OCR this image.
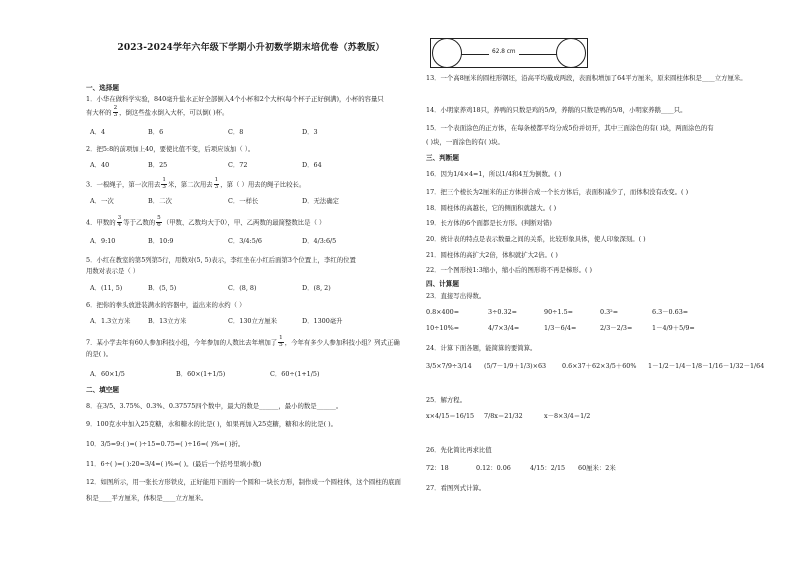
2023-2024学年六年级下学期小升初数学期末培优卷（苏教版）
一、选择题
1．小华在做科学实验，840毫升盐水正好全部倒入4个小杯和2个大杯(每个杯子正好倒满)，小杯的容量只
有大杯的 $\frac{2}{3}$ ，倒这些盐水倒入大杯，可以倒( )杯。
A．4	B．6	C．8	D．3
2．把5:8的前项加上40，要使比值不变，后项应该加（ ）。
A．40	B．25	C．72	D．64
3．一根绳子，第一次用去 $\frac{1}{3}$ 米，第二次用去 $\frac{1}{3}$ ，第（ ）用去的绳子比较长。
A．一次	B．二次	C．一样长	D．无法确定
4．甲数的 $\frac{3}{4}$ 等于乙数的 $\frac{5}{6}$ （甲数、乙数均大于0），甲、乙两数的最简整数比是（ ）
A．9:10	B．10:9	C．3/4:5/6	D．4/3:6/5
5．小红在教室的第5列第5行，用数对(5, 5)表示，李红坐在小红后面第3个位置上，李红的位置
用数对表示是（ ）
A．(11, 5)	B．(5, 5)	C．(8, 8)	D．(8, 2)
6．把你的拳头放进装满水的容器中，溢出来的水约（ ）
A．1.3立方米	B．13立方米	C．130立方厘米	D．1300毫升
7．某小学去年有60人参加科技小组，今年参加的人数比去年增加了 $\frac{1}{5}$ ，今年有多少人参加科技小组？列式正确
的是( )。
A．60×1/5	B．60×(1+1/5)	C．60÷(1+1/5)
二、填空题
8．在3/5、3.75%、0.3%、0.37575四个数中，最大的数是______，最小的数是______。
9．100克水中加入25克糖，水和糖水的比是( )，如果再加入25克糖，糖和水的比是( )。
10．3/5=9:( )=( )÷15=0.75=( )÷16=( )%=( )折。
11．6÷( )=( ):20=3/4=( )%=( )。(最后一个括号里填小数)
12．如图所示，用一张长方形铁皮，正好能用下面的一个圆和一块长方形，制作成一个圆柱体，这个圆柱的底面
积是____平方厘米，体积是____立方厘米。
62.8 cm
13．一个高8厘米的圆柱形钢坯，沿高平均截成两段，表面积增加了64平方厘米，原来圆柱体积是____立方厘米。
14．小明家养鸡18只，养鸭的只数是鸡的5/9，养鹅的只数是鸭的5/8，小明家养鹅____只。
15．一个表面涂色的正方体，在每条棱都平均分成5份并切开，其中三面涂色的有( )块，两面涂色的有
( )块，一面涂色的有( )块。
三、判断题
16．因为1/4×4=1，所以1/4和4互为倒数。( )
17．把三个棱长为2厘米的正方体拼合成一个长方体后，表面积减少了，而体积没有改变。( )
18．圆柱体的高越长，它的侧面积就越大。( )
19．长方体的6个面都是长方形。(判断对错)
20．统计表的特点是表示数量之间的关系，比较形象具体，使人印象深刻。( )
21．圆柱体的高扩大2倍，体积就扩大2倍。( )
22．一个图形按1:3缩小，缩小后的图形将不再是梯形。( )
四、计算题
23．直接写出得数。
0.8×400=	3÷0.32=	90÷1.5=	0.3²=	6.3－0.63=
10÷10%=	4/7×3/4=	1/3－6/4=	2/3－2/3=	1－4/9＋5/9=
24．计算下面各题，能简算的要简算。
3/5×7/9÷3/14 (5/7－1/9＋1/3)×63 0.6×37＋62×3/5＋60% 1－1/2－1/4－1/8－1/16－1/32－1/64
25．解方程。
x×4/15＝16/15 7/8x＝21/32	x－8×3/4＝1/2
26．先化简比再求比值
72：18	0.12：0.06	4/15：2/15 60厘米：2米
27．看图列式计算。
